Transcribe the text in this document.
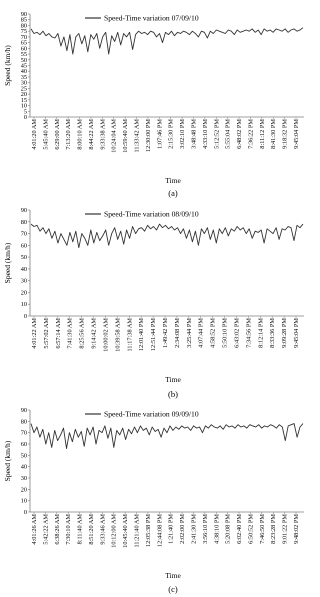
0
5
10
15
20
25
30
35
40
45
50
55
60
65
70
75
80
85
90
Speed (km/h)
4:01:20 AM 5:45:40 AM 6:29:00 AM 7:13:20 AM 8:00:10 AM 8:44:22 AM 9:33:38 AM 10:24:04 AM 10:59:40 AM 11:33:42 AM 12:30:00 PM 1:07:46 PM 2:15:30 PM 3:02:10 PM 3:48:48 PM 4:33:10 PM 5:12:52 PM 5:55:04 PM 6:48:02 PM 7:36:22 PM 8:11:12 PM 8:41:30 PM 9:18:32 PM 9:45:04 PM
Speed-Time variation 07/09/10
Time
(a)
0
10
20
30
40
50
60
70
80
90
Speed (km/h)
4:01:22 AM 5:57:02 AM 6:57:14 AM 7:41:30 AM 8:25:56 AM 9:14:42 AM 10:00:02 AM 10:39:58 AM 11:17:38 AM 12:01:40 PM 12:51:44 PM 1:49:42 PM 2:34:08 PM 3:25:44 PM 4:07:44 PM 4:58:52 PM 5:50:10 PM 6:43:02 PM 7:34:56 PM 8:12:14 PM 8:33:36 PM 9:09:28 PM 9:45:04 PM
Speed-Time variation 08/09/10
Time
(b)
0
10
20
30
40
50
60
70
80
90
Speed (km/h)
4:01:26 AM 5:42:22 AM 6:38:26 AM 7:30:10 AM 8:11:40 AM 8:51:20 AM 9:33:46 AM 10:12:00 AM 10:45:40 AM 11:21:40 AM 12:05:38 PM 12:44:08 PM 1:21:40 PM 2:02:00 PM 2:41:30 PM 3:56:10 PM 4:38:10 PM 5:20:08 PM 6:02:40 PM 6:50:52 PM 7:46:50 PM 8:23:28 PM 9:01:22 PM 9:48:02 PM
Speed-Time variation 09/09/10
Time
(c)
